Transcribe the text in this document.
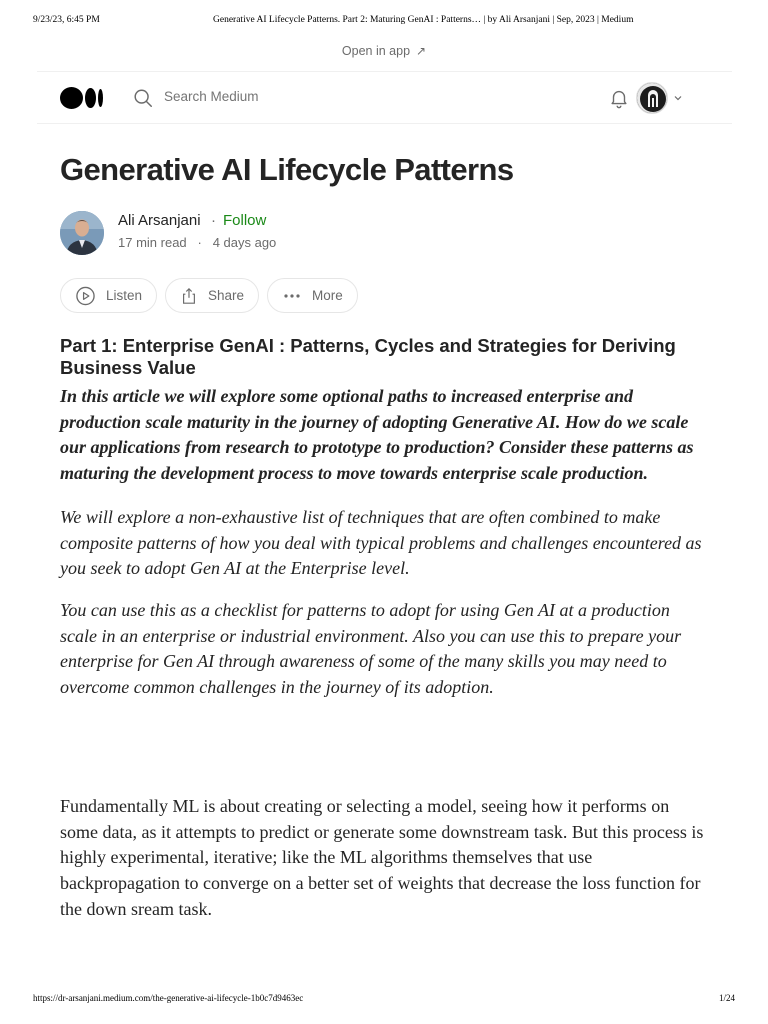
9/23/23, 6:45 PM	Generative AI Lifecycle Patterns. Part 2: Maturing GenAI : Patterns… | by Ali Arsanjani | Sep, 2023 | Medium
Open in app ↗
Search Medium
Generative AI Lifecycle Patterns
Ali Arsanjani · Follow
17 min read   ·   4 days ago
Listen	Share	More
Part 1: Enterprise GenAI : Patterns, Cycles and Strategies for Deriving Business Value

In this article we will explore some optional paths to increased enterprise and production scale maturity in the journey of adopting Generative AI. How do we scale our applications from research to prototype to production? Consider these patterns as maturing the development process to move towards enterprise scale production.

We will explore a non-exhaustive list of techniques that are often combined to make composite patterns of how you deal with typical problems and challenges encountered as you seek to adopt Gen AI at the Enterprise level.

You can use this as a checklist for patterns to adopt for using Gen AI at a production scale in an enterprise or industrial environment. Also you can use this to prepare your enterprise for Gen AI through awareness of some of the many skills you may need to overcome common challenges in the journey of its adoption.

Fundamentally ML is about creating or selecting a model, seeing how it performs on some data, as it attempts to predict or generate some downstream task. But this process is highly experimental, iterative; like the ML algorithms themselves that use backpropagation to converge on a better set of weights that decrease the loss function for the down sream task.

https://dr-arsanjani.medium.com/the-generative-ai-lifecycle-1b0c7d9463ec	1/24
